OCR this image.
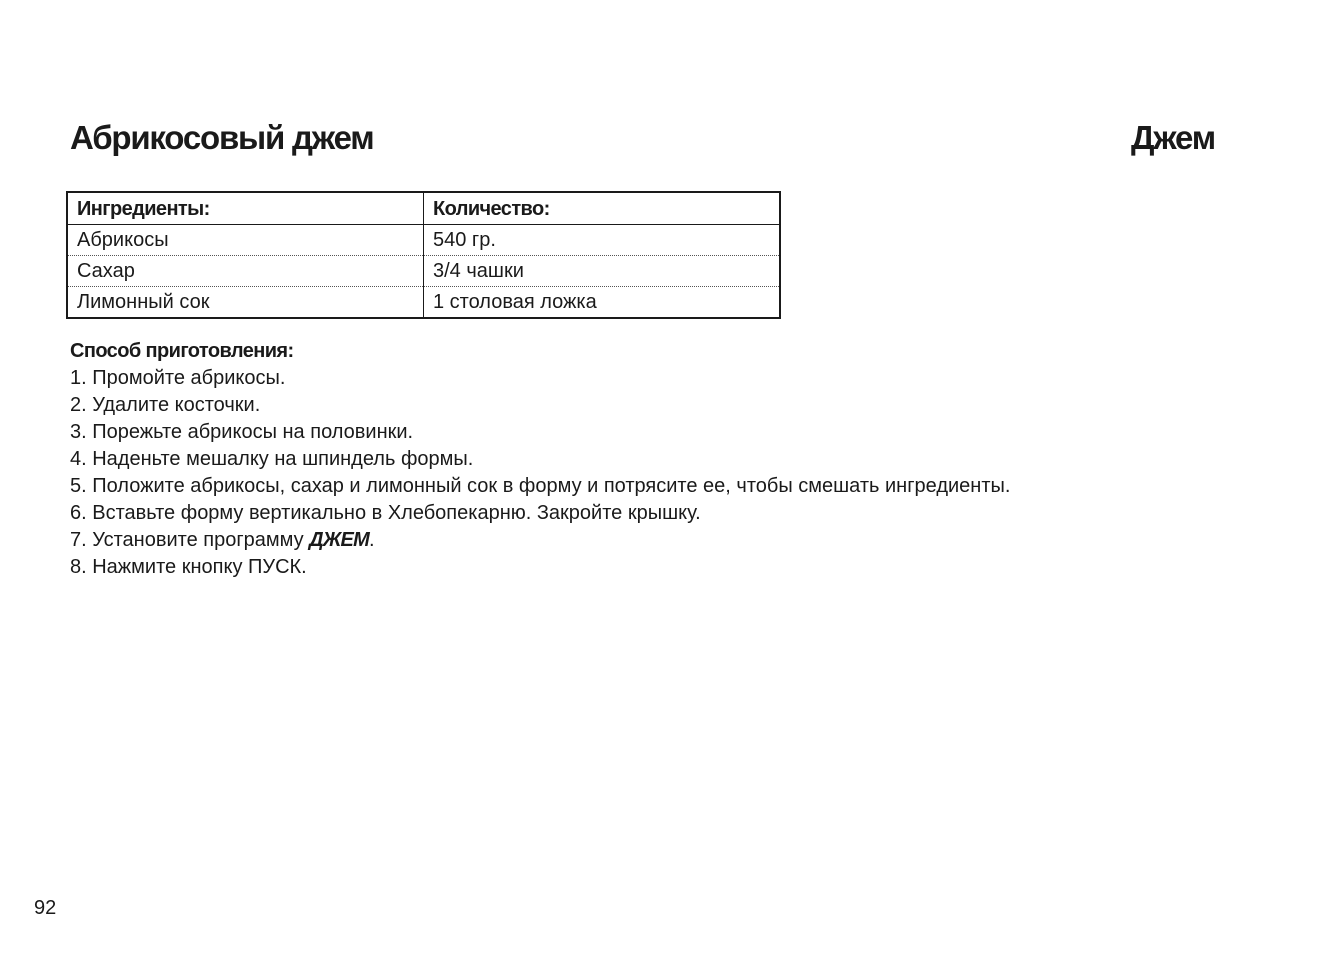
Абрикосовый джем	Джем
Ингредиенты:	Количество:
Абрикосы	540 гр.
Сахар	3/4 чашки
Лимонный сок	1 столовая ложка
Способ приготовления:
1. Промойте абрикосы.
2. Удалите косточки.
3. Порежьте абрикосы на половинки.
4. Наденьте мешалку на шпиндель формы.
5. Положите абрикосы, сахар и лимонный сок в форму и потрясите ее, чтобы смешать ингредиенты.
6. Вставьте форму вертикально в Хлебопекарню. Закройте крышку.
7. Установите программу ДЖЕМ.
8. Нажмите кнопку ПУСК.
92
